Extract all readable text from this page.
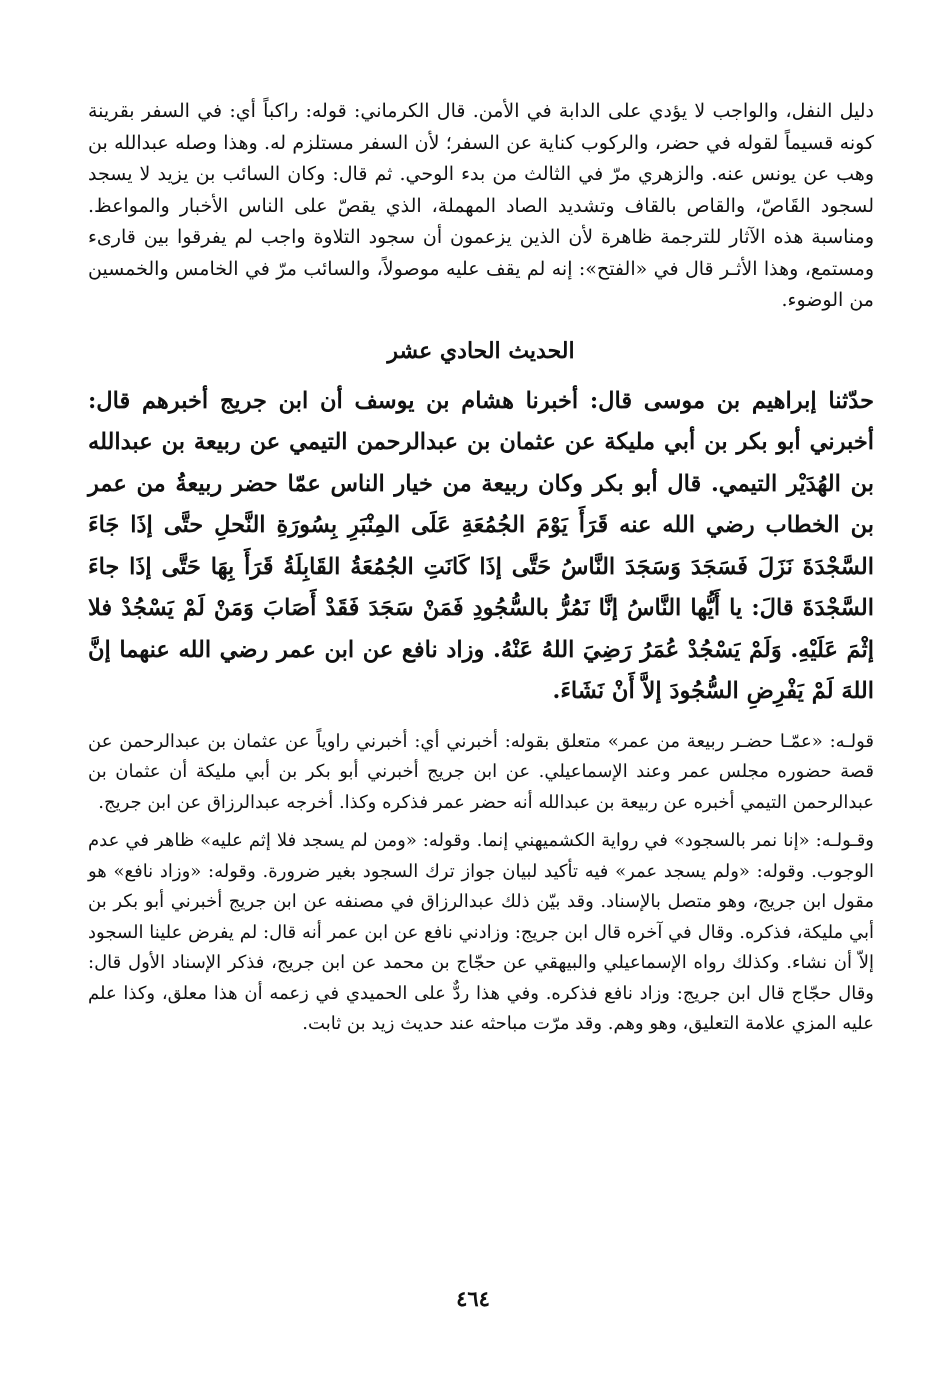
دليل النفل، والواجب لا يؤدي على الدابة في الأمن. قال الكرماني: قوله: راكباً أي: في السفر بقرينة كونه قسيماً لقوله في حضر، والركوب كناية عن السفر؛ لأن السفر مستلزم له. وهذا وصله عبدالله بن وهب عن يونس عنه. والزهري مرّ في الثالث من بدء الوحي. ثم قال: وكان السائب بن يزيد لا يسجد لسجود القَاصّ، والقاص بالقاف وتشديد الصاد المهملة، الذي يقصّ على الناس الأخبار والمواعظ. ومناسبة هذه الآثار للترجمة ظاهرة لأن الذين يزعمون أن سجود التلاوة واجب لم يفرقوا بين قارىء ومستمع، وهذا الأثـر قال في «الفتح»: إنه لم يقف عليه موصولاً، والسائب مرّ في الخامس والخمسين من الوضوء.

الحديث الحادي عشر

حدّثنا إبراهيم بن موسى قال: أخبرنا هشام بن يوسف أن ابن جريج أخبرهم قال: أخبرني أبو بكر بن أبي مليكة عن عثمان بن عبدالرحمن التيمي عن ربيعة بن عبدالله بن الهُدَيْر التيمي. قال أبو بكر وكان ربيعة من خيار الناس عمّا حضر ربيعةُ من عمر بن الخطاب رضي الله عنه قَرَأَ يَوْمَ الجُمُعَةِ عَلَى المِنْبَرِ بِسُورَةِ النَّحلِ حتَّى إذَا جَاءَ السَّجْدَةَ نَزَلَ فَسَجَدَ وَسَجَدَ النَّاسُ حَتَّى إذَا كَانَتِ الجُمُعَةُ القَابِلَةُ قَرَأَ بِهَا حَتَّى إذَا جاءَ السَّجْدَةَ قالَ: يا أَيُّها النَّاسُ إنَّا نَمُرُّ بالسُّجُودِ فَمَنْ سَجَدَ فَقَدْ أَصَابَ وَمَنْ لَمْ يَسْجُدْ فلا إثْمَ عَلَيْهِ. وَلَمْ يَسْجُدْ عُمَرُ رَضِيَ اللهُ عَنْهُ. وزاد نافع عن ابن عمر رضي الله عنهما إنَّ اللهَ لَمْ يَفْرِضِ السُّجُودَ إلاَّ أَنْ نَشَاءَ.

قولـه: «عمّـا حضـر ربيعة من عمر» متعلق بقوله: أخبرني أي: أخبرني راوياً عن عثمان بن عبدالرحمن عن قصة حضوره مجلس عمر وعند الإسماعيلي. عن ابن جريج أخبرني أبو بكر بن أبي مليكة أن عثمان بن عبدالرحمن التيمي أخبره عن ربيعة بن عبدالله أنه حضر عمر فذكره وكذا. أخرجه عبدالرزاق عن ابن جريج.

وقـولـه: «إنا نمر بالسجود» في رواية الكشميهني إنما. وقوله: «ومن لم يسجد فلا إثم عليه» ظاهر في عدم الوجوب. وقوله: «ولم يسجد عمر» فيه تأكيد لبيان جواز ترك السجود بغير ضرورة. وقوله: «وزاد نافع» هو مقول ابن جريج، وهو متصل بالإسناد. وقد بيّن ذلك عبدالرزاق في مصنفه عن ابن جريج أخبرني أبو بكر بن أبي مليكة، فذكره. وقال في آخره قال ابن جريج: وزادني نافع عن ابن عمر أنه قال: لم يفرض علينا السجود إلاّ أن نشاء. وكذلك رواه الإسماعيلي والبيهقي عن حجّاج بن محمد عن ابن جريج، فذكر الإسناد الأول قال: وقال حجّاج قال ابن جريج: وزاد نافع فذكره. وفي هذا ردٌّ على الحميدي في زعمه أن هذا معلق، وكذا علم عليه المزي علامة التعليق، وهو وهم. وقد مرّت مباحثه عند حديث زيد بن ثابت.

٤٦٤
